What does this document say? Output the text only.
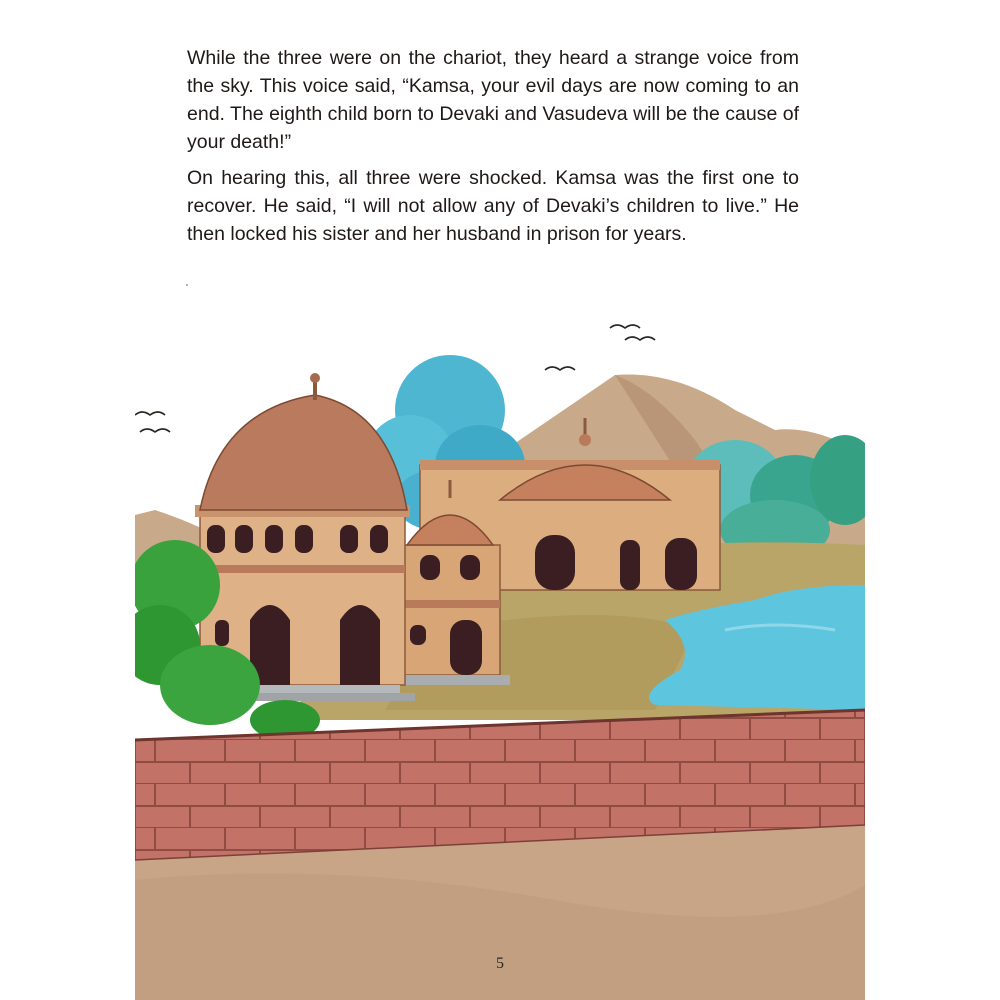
While the three were on the chariot, they heard a strange voice from the sky. This voice said, “Kamsa, your evil days are now coming to an end. The eighth child born to Devaki and Vasudeva will be the cause of your death!”

On hearing this, all three were shocked. Kamsa was the first one to recover. He said, “I will not allow any of Devaki’s children to live.” He then locked his sister and her husband in prison for years.

5
